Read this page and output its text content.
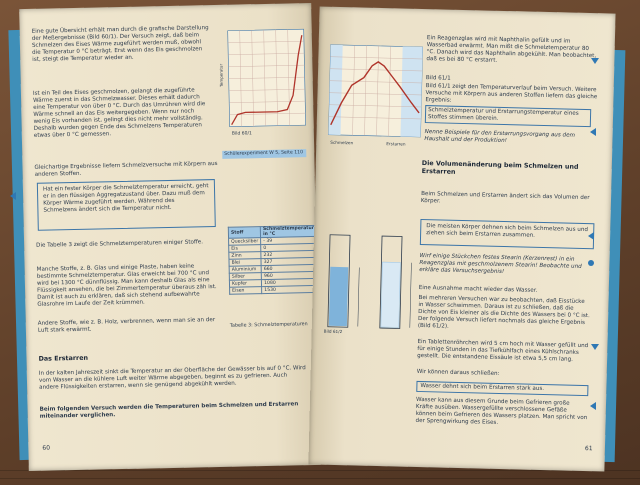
Eine gute Übersicht erhält man durch die grafische Darstellung der Meßergebnisse (Bild 60/1). Der Versuch zeigt, daß beim Schmelzen des Eises Wärme zugeführt werden muß, obwohl die Temperatur 0 °C beträgt. Erst wenn das Eis geschmolzen ist, steigt die Temperatur wieder an.
Temperatur
Bild 60/1
Ist ein Teil des Eises geschmolzen, gelangt die zugeführte Wärme zuerst in das Schmelzwasser. Dieses erhält dadurch eine Temperatur von über 0 °C. Durch das Umrühren wird die Wärme schnell an das Eis weitergegeben. Wenn nur noch wenig Eis vorhanden ist, gelingt dies nicht mehr vollständig. Deshalb wurden gegen Ende des Schmelzens Temperaturen etwas über 0 °C gemessen.
Gleichartige Ergebnisse liefern Schmelzversuche mit Körpern aus anderen Stoffen.
Hat ein fester Körper die Schmelztemperatur erreicht, geht er in den flüssigen Aggregatzustand über. Dazu muß dem Körper Wärme zugeführt werden. Während des Schmelzens ändert sich die Temperatur nicht.
Schülerexperiment W 5, Seite 110
Die Tabelle 3 zeigt die Schmelztemperaturen einiger Stoffe.
Stoff	Schmelztemperatur in °C
Quecksilber	- 39
Eis	0
Zinn	232
Blei	327
Aluminium	660
Silber	960
Kupfer	1080
Eisen	1530
Tabelle 3: Schmelztemperaturen
Manche Stoffe, z. B. Glas und einige Plaste, haben keine bestimmte Schmelztemperatur. Glas erweicht bei 700 °C und wird bei 1300 °C dünnflüssig. Man kann deshalb Glas als eine Flüssigkeit ansehen, die bei Zimmertemperatur überaus zäh ist. Damit ist auch zu erklären, daß sich stehend aufbewahrte Glasrohre im Laufe der Zeit krümmen.
Andere Stoffe, wie z. B. Holz, verbrennen, wenn man sie an der Luft stark erwärmt.
Das Erstarren
In der kalten Jahreszeit sinkt die Temperatur an der Oberfläche der Gewässer bis auf 0 °C. Wird vom Wasser an die kühlere Luft weiter Wärme abgegeben, beginnt es zu gefrieren. Auch andere Flüssigkeiten erstarren, wenn sie genügend abgekühlt werden.
Beim folgenden Versuch werden die Temperaturen beim Schmelzen und Erstarren miteinander verglichen.
60
Schmelzen	Erstarren
Ein Reagenzglas wird mit Naphthalin gefüllt und im Wasserbad erwärmt. Man mißt die Schmelztemperatur 80 °C. Danach wird das Naphthalin abgekühlt. Man beobachtet, daß es bei 80 °C erstarrt.
Bild 61/1
Bild 61/1 zeigt den Temperaturverlauf beim Versuch. Weitere Versuche mit Körpern aus anderen Stoffen liefern das gleiche Ergebnis:
Schmelztemperatur und Erstarrungstemperatur eines Stoffes stimmen überein.
Nenne Beispiele für den Erstarrungsvorgang aus dem Haushalt und der Produktion!
Die Volumenänderung beim Schmelzen und Erstarren
Beim Schmelzen und Erstarren ändert sich das Volumen der Körper.
Die meisten Körper dehnen sich beim Schmelzen aus und ziehen sich beim Erstarren zusammen.
Wirf einige Stückchen festes Stearin (Kerzenrest) in ein Reagenzglas mit geschmolzenem Stearin! Beobachte und erkläre das Versuchsergebnis!
Bild 61/2
Eine Ausnahme macht wieder das Wasser.
Bei mehreren Versuchen war zu beobachten, daß Eisstücke in Wasser schwimmen. Daraus ist zu schließen, daß die Dichte von Eis kleiner als die Dichte des Wassers bei 0 °C ist. Der folgende Versuch liefert nochmals das gleiche Ergebnis (Bild 61/2).
Ein Tablettenröhrchen wird 5 cm hoch mit Wasser gefüllt und für einige Stunden in das Tiefkühlfach eines Kühlschranks gestellt. Die entstandene Eissäule ist etwa 5,5 cm lang.
Wir können daraus schließen:
Wasser dehnt sich beim Erstarren stark aus.
Wasser kann aus diesem Grunde beim Gefrieren große Kräfte ausüben. Wassergefüllte verschlossene Gefäße können beim Gefrieren des Wassers platzen. Man spricht von der Sprengwirkung des Eises.
61
